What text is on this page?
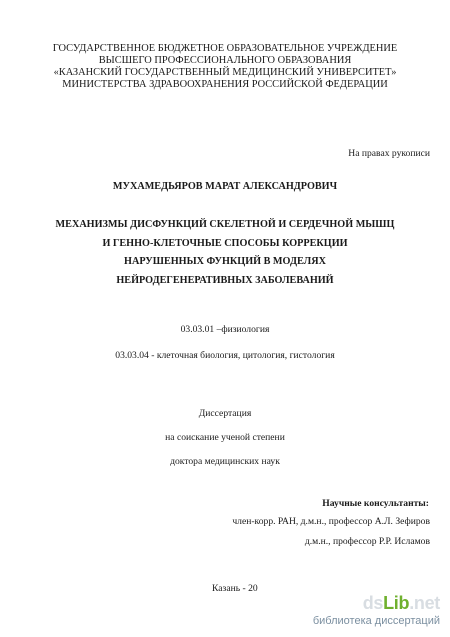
ГОСУДАРСТВЕННОЕ БЮДЖЕТНОЕ ОБРАЗОВАТЕЛЬНОЕ УЧРЕЖДЕНИЕ
ВЫСШЕГО ПРОФЕССИОНАЛЬНОГО ОБРАЗОВАНИЯ
«КАЗАНСКИЙ ГОСУДАРСТВЕННЫЙ МЕДИЦИНСКИЙ УНИВЕРСИТЕТ»
МИНИСТЕРСТВА ЗДРАВООХРАНЕНИЯ РОССИЙСКОЙ ФЕДЕРАЦИИ
На правах рукописи
МУХАМЕДЬЯРОВ МАРАТ АЛЕКСАНДРОВИЧ
МЕХАНИЗМЫ ДИСФУНКЦИЙ СКЕЛЕТНОЙ И СЕРДЕЧНОЙ МЫШЦ
И ГЕННО-КЛЕТОЧНЫЕ СПОСОБЫ КОРРЕКЦИИ
НАРУШЕННЫХ ФУНКЦИЙ В МОДЕЛЯХ
НЕЙРОДЕГЕНЕРАТИВНЫХ ЗАБОЛЕВАНИЙ
03.03.01 –физиология
03.03.04 - клеточная биология, цитология, гистология
Диссертация
на соискание ученой степени
доктора медицинских наук
Научные консультанты:
член-корр. РАН, д.м.н., профессор А.Л. Зефиров
д.м.н., профессор Р.Р. Исламов
Казань - 20
dsLib.net
библиотека диссертаций
